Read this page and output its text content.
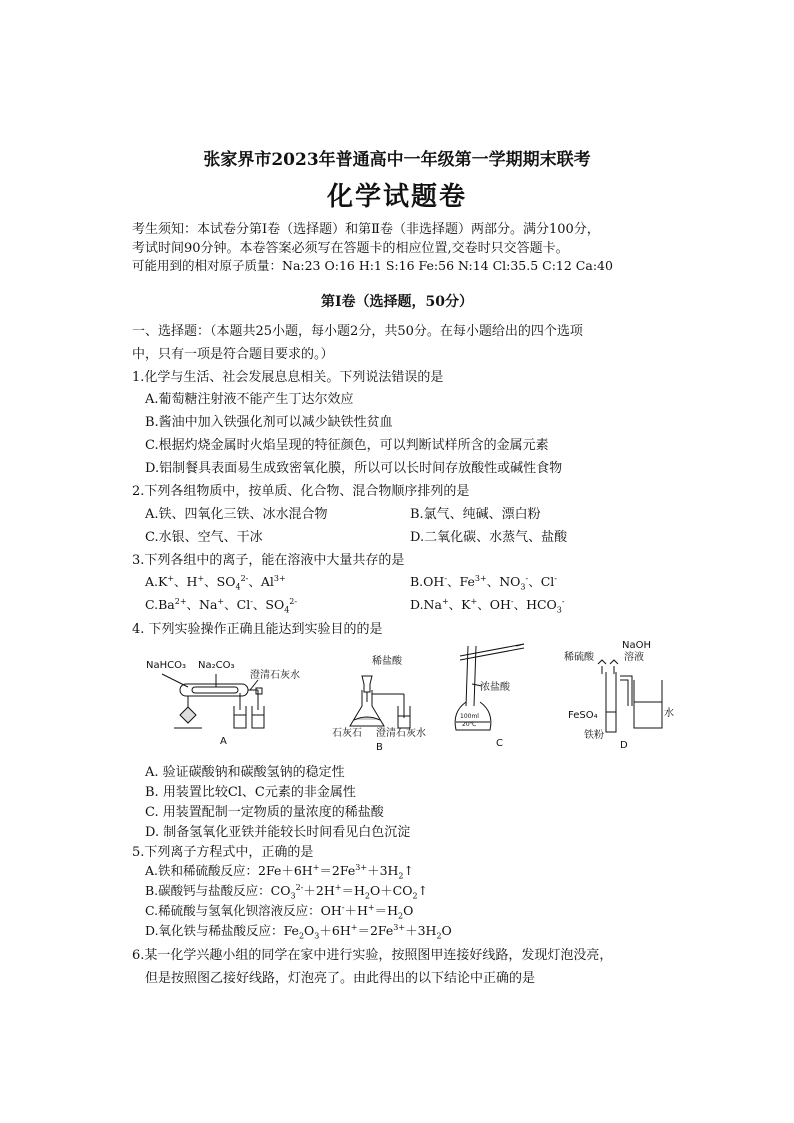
张家界市2023年普通高中一年级第一学期期末联考
化学试题卷
考生须知：本试卷分第Ⅰ卷（选择题）和第Ⅱ卷（非选择题）两部分。满分100分，
考试时间90分钟。本卷答案必须写在答题卡的相应位置,交卷时只交答题卡。
可能用到的相对原子质量：Na:23 O:16 H:1 S:16 Fe:56 N:14 Cl:35.5 C:12 Ca:40
第Ⅰ卷（选择题，50分）
一、选择题：（本题共25小题，每小题2分，共50分。在每小题给出的四个选项
中，只有一项是符合题目要求的。）
1.化学与生活、社会发展息息相关。下列说法错误的是
A.葡萄糖注射液不能产生丁达尔效应
B.酱油中加入铁强化剂可以减少缺铁性贫血
C.根据灼烧金属时火焰呈现的特征颜色，可以判断试样所含的金属元素
D.铝制餐具表面易生成致密氧化膜，所以可以长时间存放酸性或碱性食物
2.下列各组物质中，按单质、化合物、混合物顺序排列的是
A.铁、四氧化三铁、冰水混合物	B.氯气、纯碱、漂白粉
C.水银、空气、干冰	D.二氧化碳、水蒸气、盐酸
3.下列各组中的离子，能在溶液中大量共存的是
A.K+、H+、$SO_4^{2-}$、$Al^{3+}$	B.OH-、$Fe^{3+}$、$NO_3^-$、Cl-
$C.Ba^{2+}$、Na+、Cl-、$SO_4^{2-}$	D.Na+、K+、OH-、$HCO_3^-$
4. 下列实验操作正确且能达到实验目的的是
NaHCO₃ Na₂CO₃
澄清石灰水
A
稀盐酸
石灰石 澄清石灰水
B
浓盐酸
100ml
20℃
C
稀硫酸
NaOH
溶液
FeSO₄
铁粉
水
D
A. 验证碳酸钠和碳酸氢钠的稳定性
B. 用装置比较Cl、C元素的非金属性
C. 用装置配制一定物质的量浓度的稀盐酸
D. 制备氢氧化亚铁并能较长时间看见白色沉淀
5.下列离子方程式中，正确的是
A.铁和稀硫酸反应：$2Fe+6H^+=2Fe^{3+}+3H_2↑$
B.碳酸钙与盐酸反应：$CO_3^{2-}+2H^+=H_2O+CO_2↑$
C.稀硫酸与氢氧化钡溶液反应：$OH^-+H^+=H_2O$
D.氧化铁与稀盐酸反应：$Fe_2O_3+6H^+=2Fe^{3+}+3H_2O$
6.某一化学兴趣小组的同学在家中进行实验，按照图甲连接好线路，发现灯泡没亮，
但是按照图乙接好线路，灯泡亮了。由此得出的以下结论中正确的是
